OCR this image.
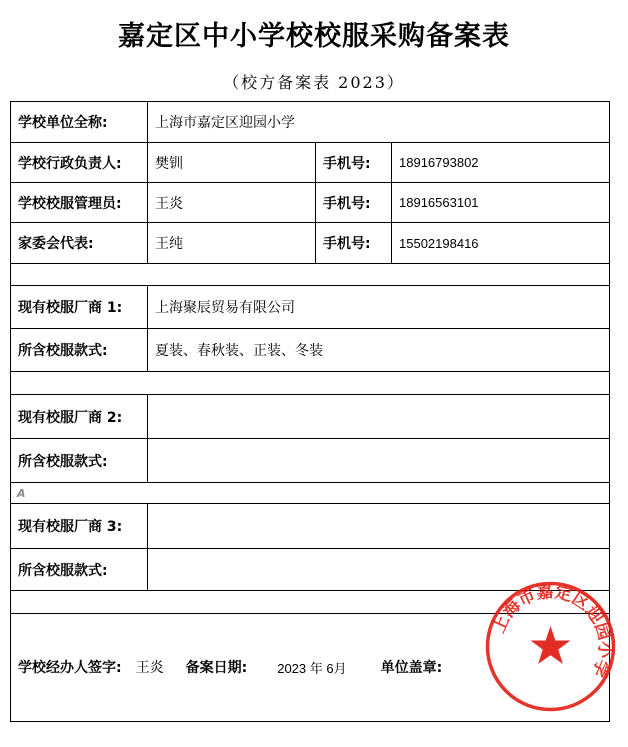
嘉定区中小学校校服采购备案表
（校方备案表 2023）
学校单位全称:	上海市嘉定区迎园小学
学校行政负责人:	樊钏	手机号:	18916793802
学校校服管理员:	王炎	手机号:	18916563101
家委会代表:	王纯	手机号:	15502198416
现有校服厂商 1:	上海聚辰贸易有限公司
所含校服款式:	夏装、春秋装、正装、冬装
现有校服厂商 2:
所含校服款式:
A
现有校服厂商 3:
所含校服款式:
学校经办人签字: 王炎 备案日期: 2023 年 6月 单位盖章:
上海市嘉定区迎园小学
